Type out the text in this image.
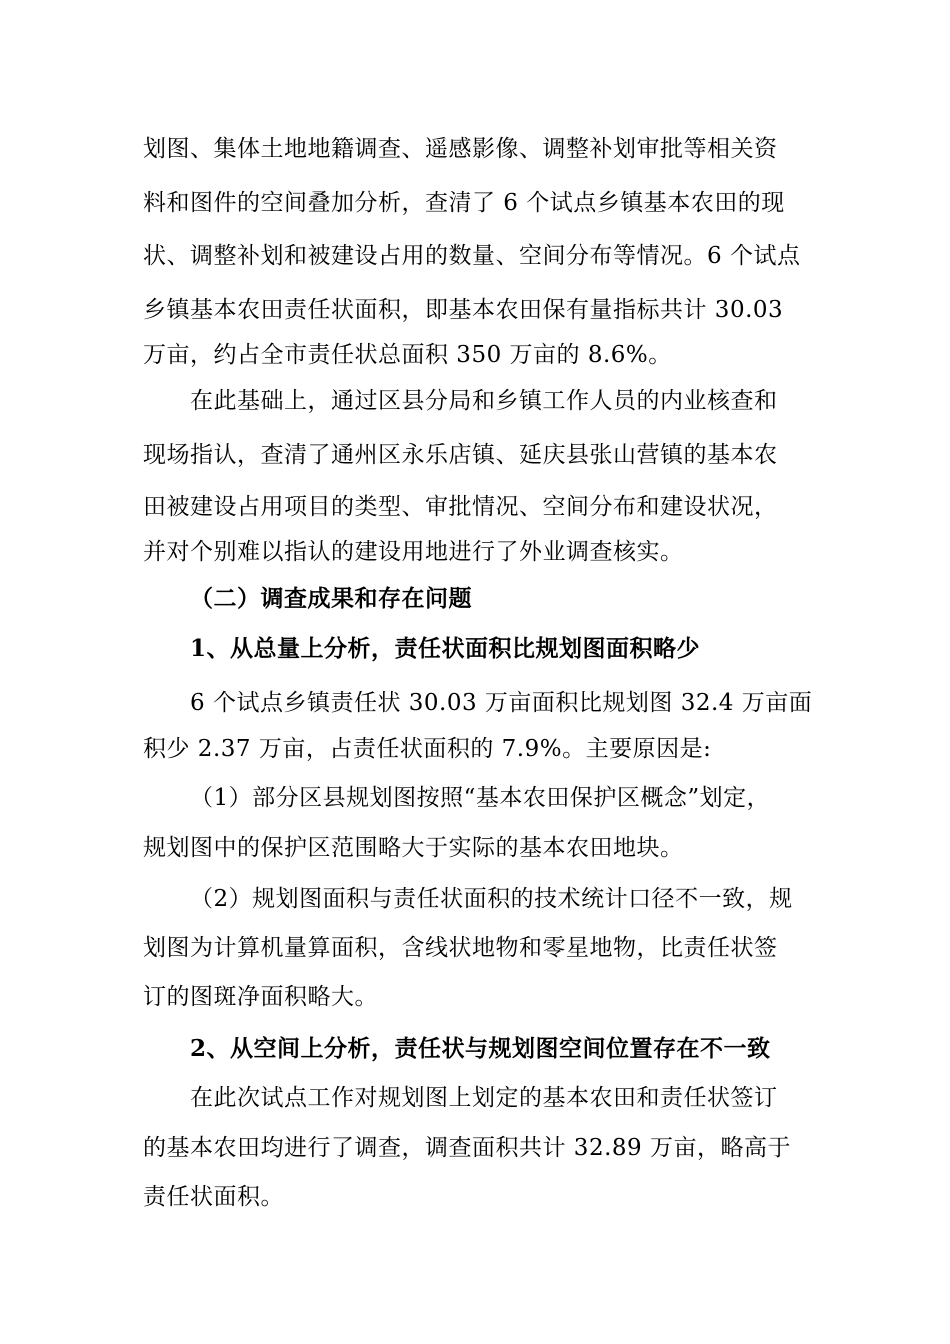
划图、集体土地地籍调查、遥感影像、调整补划审批等相关资
料和图件的空间叠加分析，查清了 6 个试点乡镇基本农田的现
状、调整补划和被建设占用的数量、空间分布等情况。6 个试点
乡镇基本农田责任状面积，即基本农田保有量指标共计 30.03
万亩，约占全市责任状总面积 350 万亩的 8.6%。
在此基础上，通过区县分局和乡镇工作人员的内业核查和
现场指认，查清了通州区永乐店镇、延庆县张山营镇的基本农
田被建设占用项目的类型、审批情况、空间分布和建设状况，
并对个别难以指认的建设用地进行了外业调查核实。
（二）调查成果和存在问题
1、从总量上分析，责任状面积比规划图面积略少
6 个试点乡镇责任状 30.03 万亩面积比规划图 32.4 万亩面
积少 2.37 万亩，占责任状面积的 7.9%。主要原因是:
（1）部分区县规划图按照“基本农田保护区概念”划定，
规划图中的保护区范围略大于实际的基本农田地块。
（2）规划图面积与责任状面积的技术统计口径不一致，规
划图为计算机量算面积，含线状地物和零星地物，比责任状签
订的图斑净面积略大。
2、从空间上分析，责任状与规划图空间位置存在不一致
在此次试点工作对规划图上划定的基本农田和责任状签订
的基本农田均进行了调查，调查面积共计 32.89 万亩，略高于
责任状面积。
